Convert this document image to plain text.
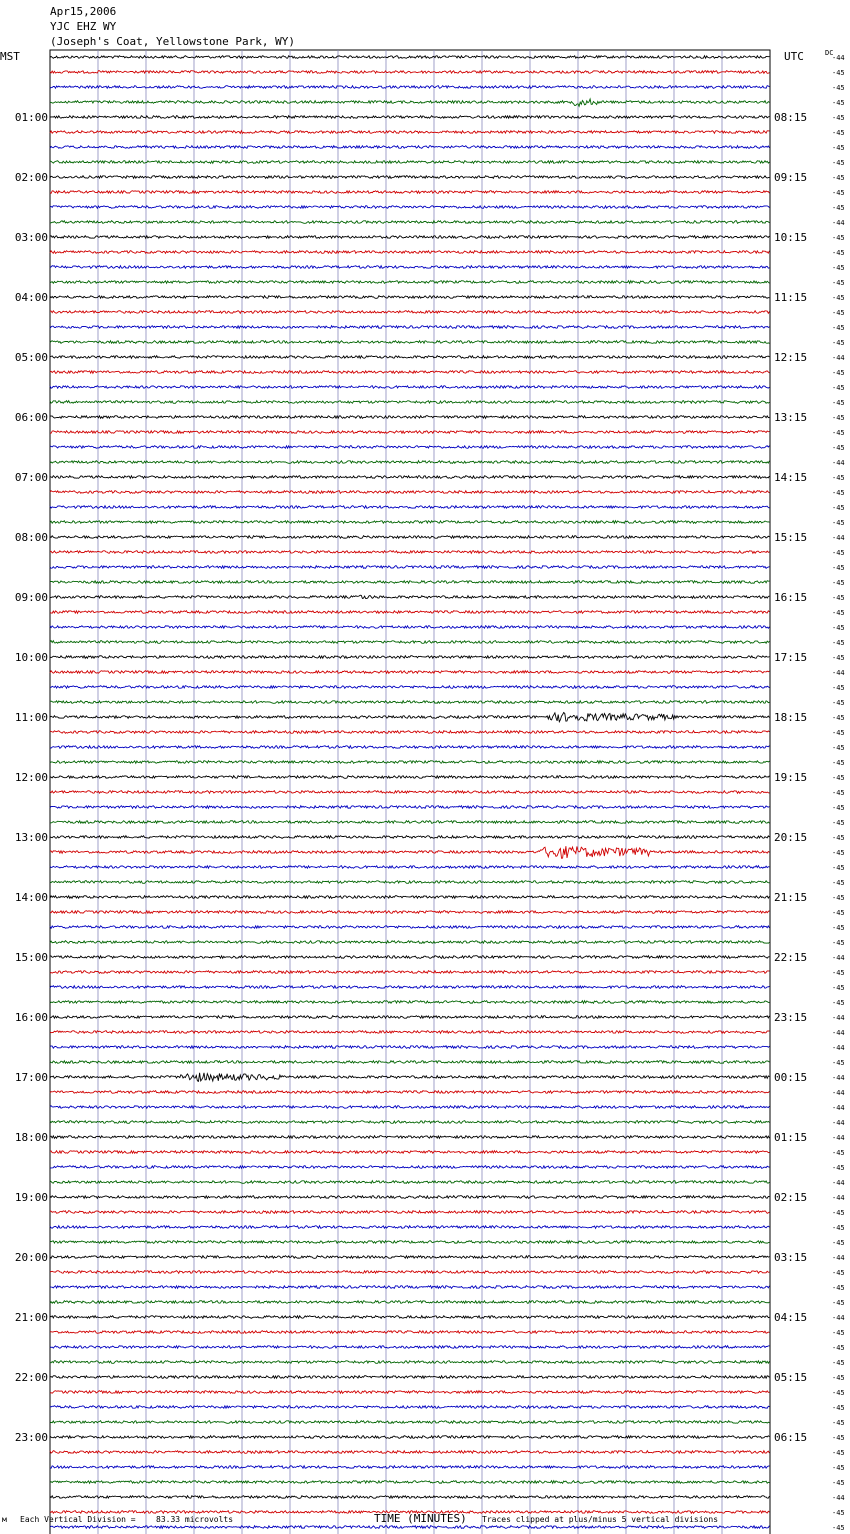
Apr15,2006
YJC EHZ WY
(Joseph's Coat, Yellowstone Park, WY)
MST	UTC	DC
-44
-45
-45
-45
-45
-45
-45
-45
-45
-45
-45
-44
-45
-45
-45
-45
-45
-45
-45
-45
-44
-45
-45
-45
-45
-45
-45
-44
-45
-45
-45
-45
-44
-45
-45
-45
-45
-45
-45
-45
-45
-44
-45
-45
-45
-45
-45
-45
-45
-45
-45
-45
-45
-45
-45
-45
-45
-45
-45
-45
-44
-45
-45
-45
-44
-44
-44
-45
-44
-44
-44
-44
-44
-45
-45
-44
-44
-45
-45
-45
-44
-45
-45
-45
-44
-45
-45
-45
-45
-45
-45
-45
-45
-45
-45
-45
-44
-45
-45
01:00
02:00
03:00
04:00
05:00
06:00
07:00
08:00
09:00
10:00
11:00
12:00
13:00
14:00
15:00
16:00
17:00
18:00
19:00
20:00
21:00
22:00
23:00
08:15
09:15
10:15
11:15
12:15
13:15
14:15
15:15
16:15
17:15
18:15
19:15
20:15
21:15
22:15
23:15
00:15
01:15
02:15
03:15
04:15
05:15
06:15
TIME (MINUTES)
м Each Vertical Division =	83.33 microvolts	Traces clipped at plus/minus 5 vertical divisions
